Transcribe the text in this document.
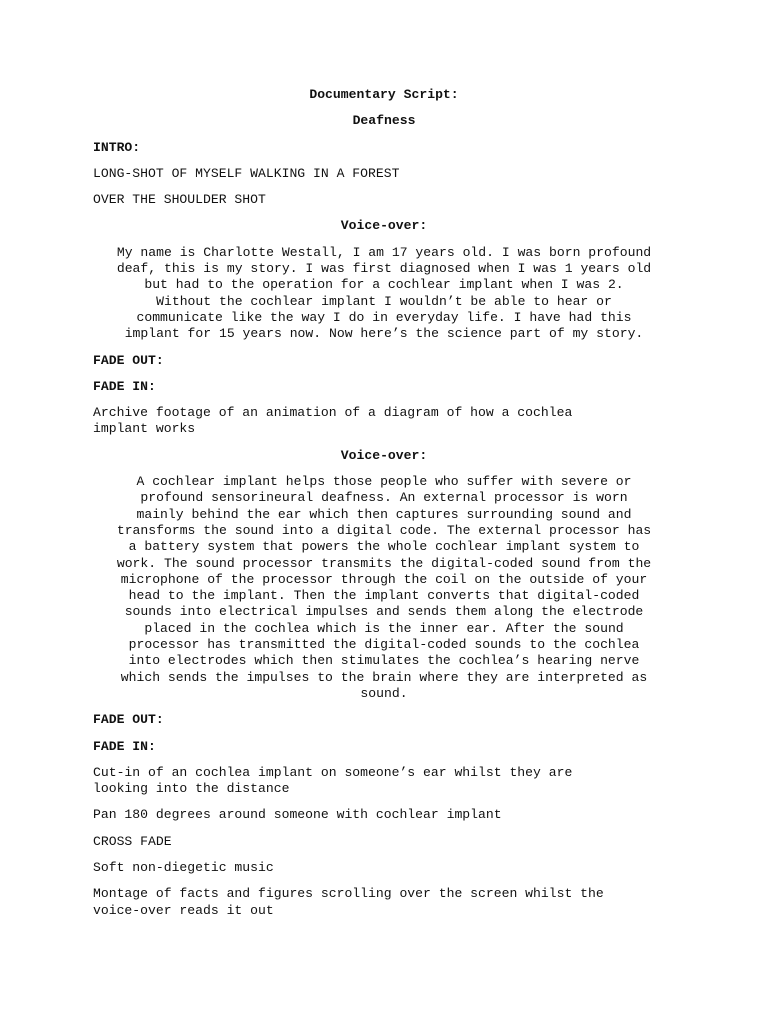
Documentary Script:
Deafness
INTRO:
LONG-SHOT OF MYSELF WALKING IN A FOREST
OVER THE SHOULDER SHOT
Voice-over:
My name is Charlotte Westall, I am 17 years old. I was born profound
deaf, this is my story. I was first diagnosed when I was 1 years old
but had to the operation for a cochlear implant when I was 2.
Without the cochlear implant I wouldn’t be able to hear or
communicate like the way I do in everyday life. I have had this
implant for 15 years now. Now here’s the science part of my story.
FADE OUT:
FADE IN:
Archive footage of an animation of a diagram of how a cochlea
implant works
Voice-over:
A cochlear implant helps those people who suffer with severe or
profound sensorineural deafness. An external processor is worn
mainly behind the ear which then captures surrounding sound and
transforms the sound into a digital code. The external processor has
a battery system that powers the whole cochlear implant system to
work. The sound processor transmits the digital-coded sound from the
microphone of the processor through the coil on the outside of your
head to the implant. Then the implant converts that digital-coded
sounds into electrical impulses and sends them along the electrode
placed in the cochlea which is the inner ear. After the sound
processor has transmitted the digital-coded sounds to the cochlea
into electrodes which then stimulates the cochlea’s hearing nerve
which sends the impulses to the brain where they are interpreted as
sound.
FADE OUT:
FADE IN:
Cut-in of an cochlea implant on someone’s ear whilst they are
looking into the distance
Pan 180 degrees around someone with cochlear implant
CROSS FADE
Soft non-diegetic music
Montage of facts and figures scrolling over the screen whilst the
voice-over reads it out
